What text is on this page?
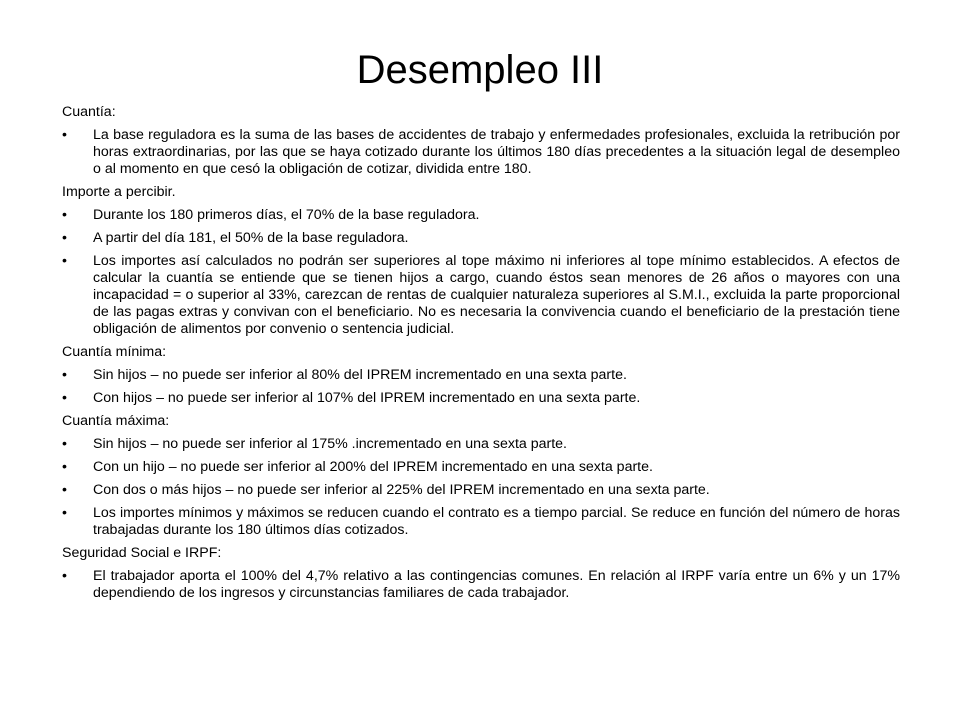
Desempleo III

Cuantía:

•	La base reguladora es la suma de las bases de accidentes de trabajo y enfermedades profesionales, excluida la retribución por horas extraordinarias, por las que se haya cotizado durante los últimos 180 días precedentes a la situación legal de desempleo o al momento en que cesó la obligación de cotizar, dividida entre 180.

Importe a percibir.

•	Durante los 180 primeros días, el 70% de la base reguladora.
•	A partir del día 181, el 50% de la base reguladora.
•	Los importes así calculados no podrán ser superiores al tope máximo ni inferiores al tope mínimo establecidos. A efectos de calcular la cuantía se entiende que se tienen hijos a cargo, cuando éstos sean menores de 26 años o mayores con una incapacidad = o superior al 33%, carezcan de rentas de cualquier naturaleza superiores al S.M.I., excluida la parte proporcional de las pagas extras y convivan con el beneficiario. No es necesaria la convivencia cuando el beneficiario de la prestación tiene obligación de alimentos por convenio o sentencia judicial.

Cuantía mínima:

•	Sin hijos – no puede ser inferior al 80% del IPREM incrementado en una sexta parte.
•	Con hijos – no puede ser inferior al 107% del IPREM incrementado en una sexta parte.

Cuantía máxima:

•	Sin hijos – no puede ser inferior al 175% .incrementado en una sexta parte.
•	Con un hijo – no puede ser inferior al 200% del IPREM incrementado en una sexta parte.
•	Con dos o más hijos – no puede ser inferior al 225% del IPREM incrementado en una sexta parte.
•	Los importes mínimos y máximos se reducen cuando el contrato es a tiempo parcial. Se reduce en función del número de horas trabajadas durante los 180 últimos días cotizados.

Seguridad Social e IRPF:

•	El trabajador aporta el 100% del 4,7% relativo a las contingencias comunes. En relación al IRPF varía entre un 6% y un 17% dependiendo de los ingresos y circunstancias familiares de cada trabajador.
